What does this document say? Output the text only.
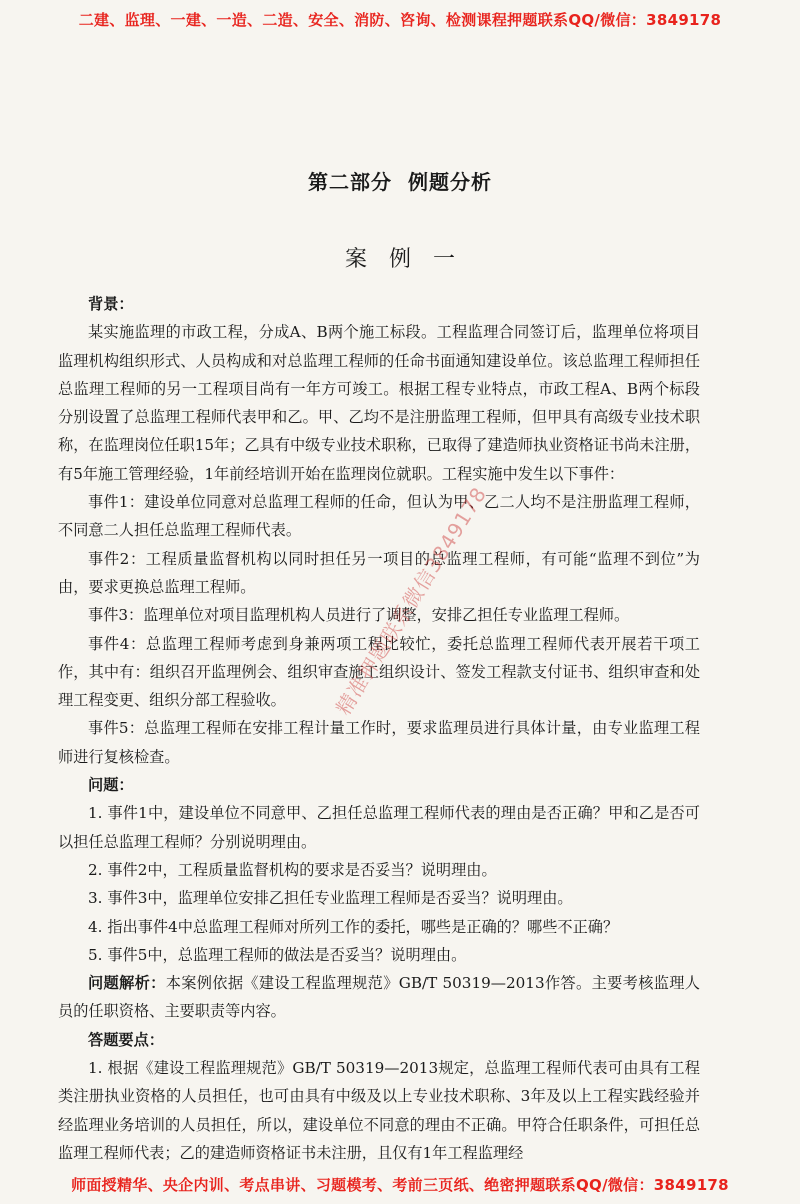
二建、监理、一建、一造、二造、安全、消防、咨询、检测课程押题联系QQ/微信：3849178
第二部分 例题分析
案例一

背景：

某实施监理的市政工程，分成A、B两个施工标段。工程监理合同签订后，监理单位将项目监理机构组织形式、人员构成和对总监理工程师的任命书面通知建设单位。该总监理工程师担任总监理工程师的另一工程项目尚有一年方可竣工。根据工程专业特点，市政工程A、B两个标段分别设置了总监理工程师代表甲和乙。甲、乙均不是注册监理工程师，但甲具有高级专业技术职称，在监理岗位任职15年；乙具有中级专业技术职称，已取得了建造师执业资格证书尚未注册，有5年施工管理经验，1年前经培训开始在监理岗位就职。工程实施中发生以下事件：

事件1：建设单位同意对总监理工程师的任命，但认为甲、乙二人均不是注册监理工程师，不同意二人担任总监理工程师代表。

事件2：工程质量监督机构以同时担任另一项目的总监理工程师，有可能“监理不到位”为由，要求更换总监理工程师。

事件3：监理单位对项目监理机构人员进行了调整，安排乙担任专业监理工程师。

事件4：总监理工程师考虑到身兼两项工程比较忙，委托总监理工程师代表开展若干项工作，其中有：组织召开监理例会、组织审查施工组织设计、签发工程款支付证书、组织审查和处理工程变更、组织分部工程验收。

事件5：总监理工程师在安排工程计量工作时，要求监理员进行具体计量，由专业监理工程师进行复核检查。

问题：

1. 事件1中，建设单位不同意甲、乙担任总监理工程师代表的理由是否正确？甲和乙是否可以担任总监理工程师？分别说明理由。

2. 事件2中，工程质量监督机构的要求是否妥当？说明理由。

3. 事件3中，监理单位安排乙担任专业监理工程师是否妥当？说明理由。

4. 指出事件4中总监理工程师对所列工作的委托，哪些是正确的？哪些不正确？

5. 事件5中，总监理工程师的做法是否妥当？说明理由。

问题解析：本案例依据《建设工程监理规范》GB/T 50319—2013作答。主要考核监理人员的任职资格、主要职责等内容。

答题要点：

1. 根据《建设工程监理规范》GB/T 50319—2013规定，总监理工程师代表可由具有工程类注册执业资格的人员担任，也可由具有中级及以上专业技术职称、3年及以上工程实践经验并经监理业务培训的人员担任，所以，建设单位不同意的理由不正确。甲符合任职条件，可担任总监理工程师代表；乙的建造师资格证书未注册，且仅有1年工程监理经

精准押题联系微信3849178
师面授精华、央企内训、考点串讲、习题模考、考前三页纸、绝密押题联系QQ/微信：3849178
